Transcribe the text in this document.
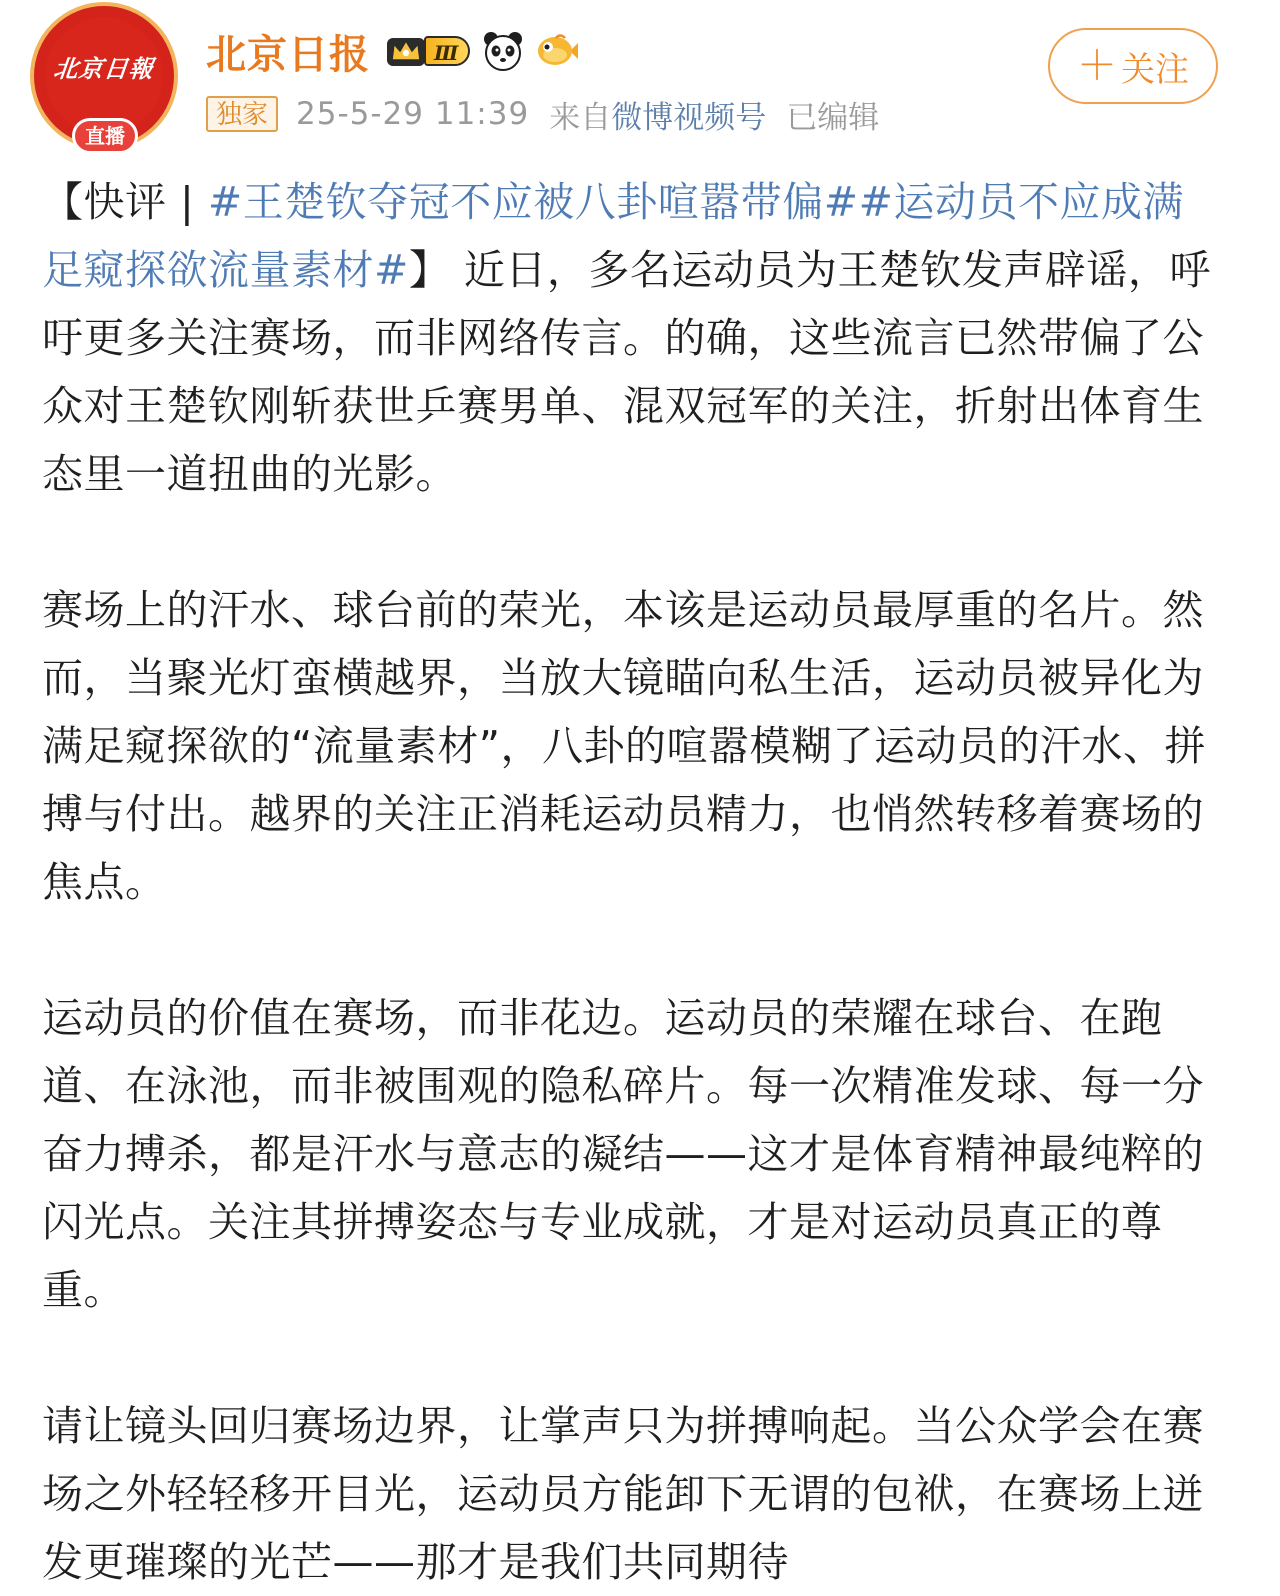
北京日報
直播
北京日报	Ⅲ
独家 25-5-29 11:39 来自 微博视频号 已编辑
＋ 关注

【快评 | #王楚钦夺冠不应被八卦喧嚣带偏##运动员不应成满足窥探欲流量素材#】 近日，多名运动员为王楚钦发声辟谣，呼吁更多关注赛场，而非网络传言。的确，这些流言已然带偏了公众对王楚钦刚斩获世乒赛男单、混双冠军的关注，折射出体育生态里一道扭曲的光影。

赛场上的汗水、球台前的荣光，本该是运动员最厚重的名片。然而，当聚光灯蛮横越界，当放大镜瞄向私生活，运动员被异化为满足窥探欲的“流量素材”，八卦的喧嚣模糊了运动员的汗水、拼搏与付出。越界的关注正消耗运动员精力，也悄然转移着赛场的焦点。

运动员的价值在赛场，而非花边。运动员的荣耀在球台、在跑道、在泳池，而非被围观的隐私碎片。每一次精准发球、每一分奋力搏杀，都是汗水与意志的凝结——这才是体育精神最纯粹的闪光点。关注其拼搏姿态与专业成就，才是对运动员真正的尊重。

请让镜头回归赛场边界，让掌声只为拼搏响起。当公众学会在赛场之外轻轻移开目光，运动员方能卸下无谓的包袱，在赛场上迸发更璀璨的光芒——那才是我们共同期待
